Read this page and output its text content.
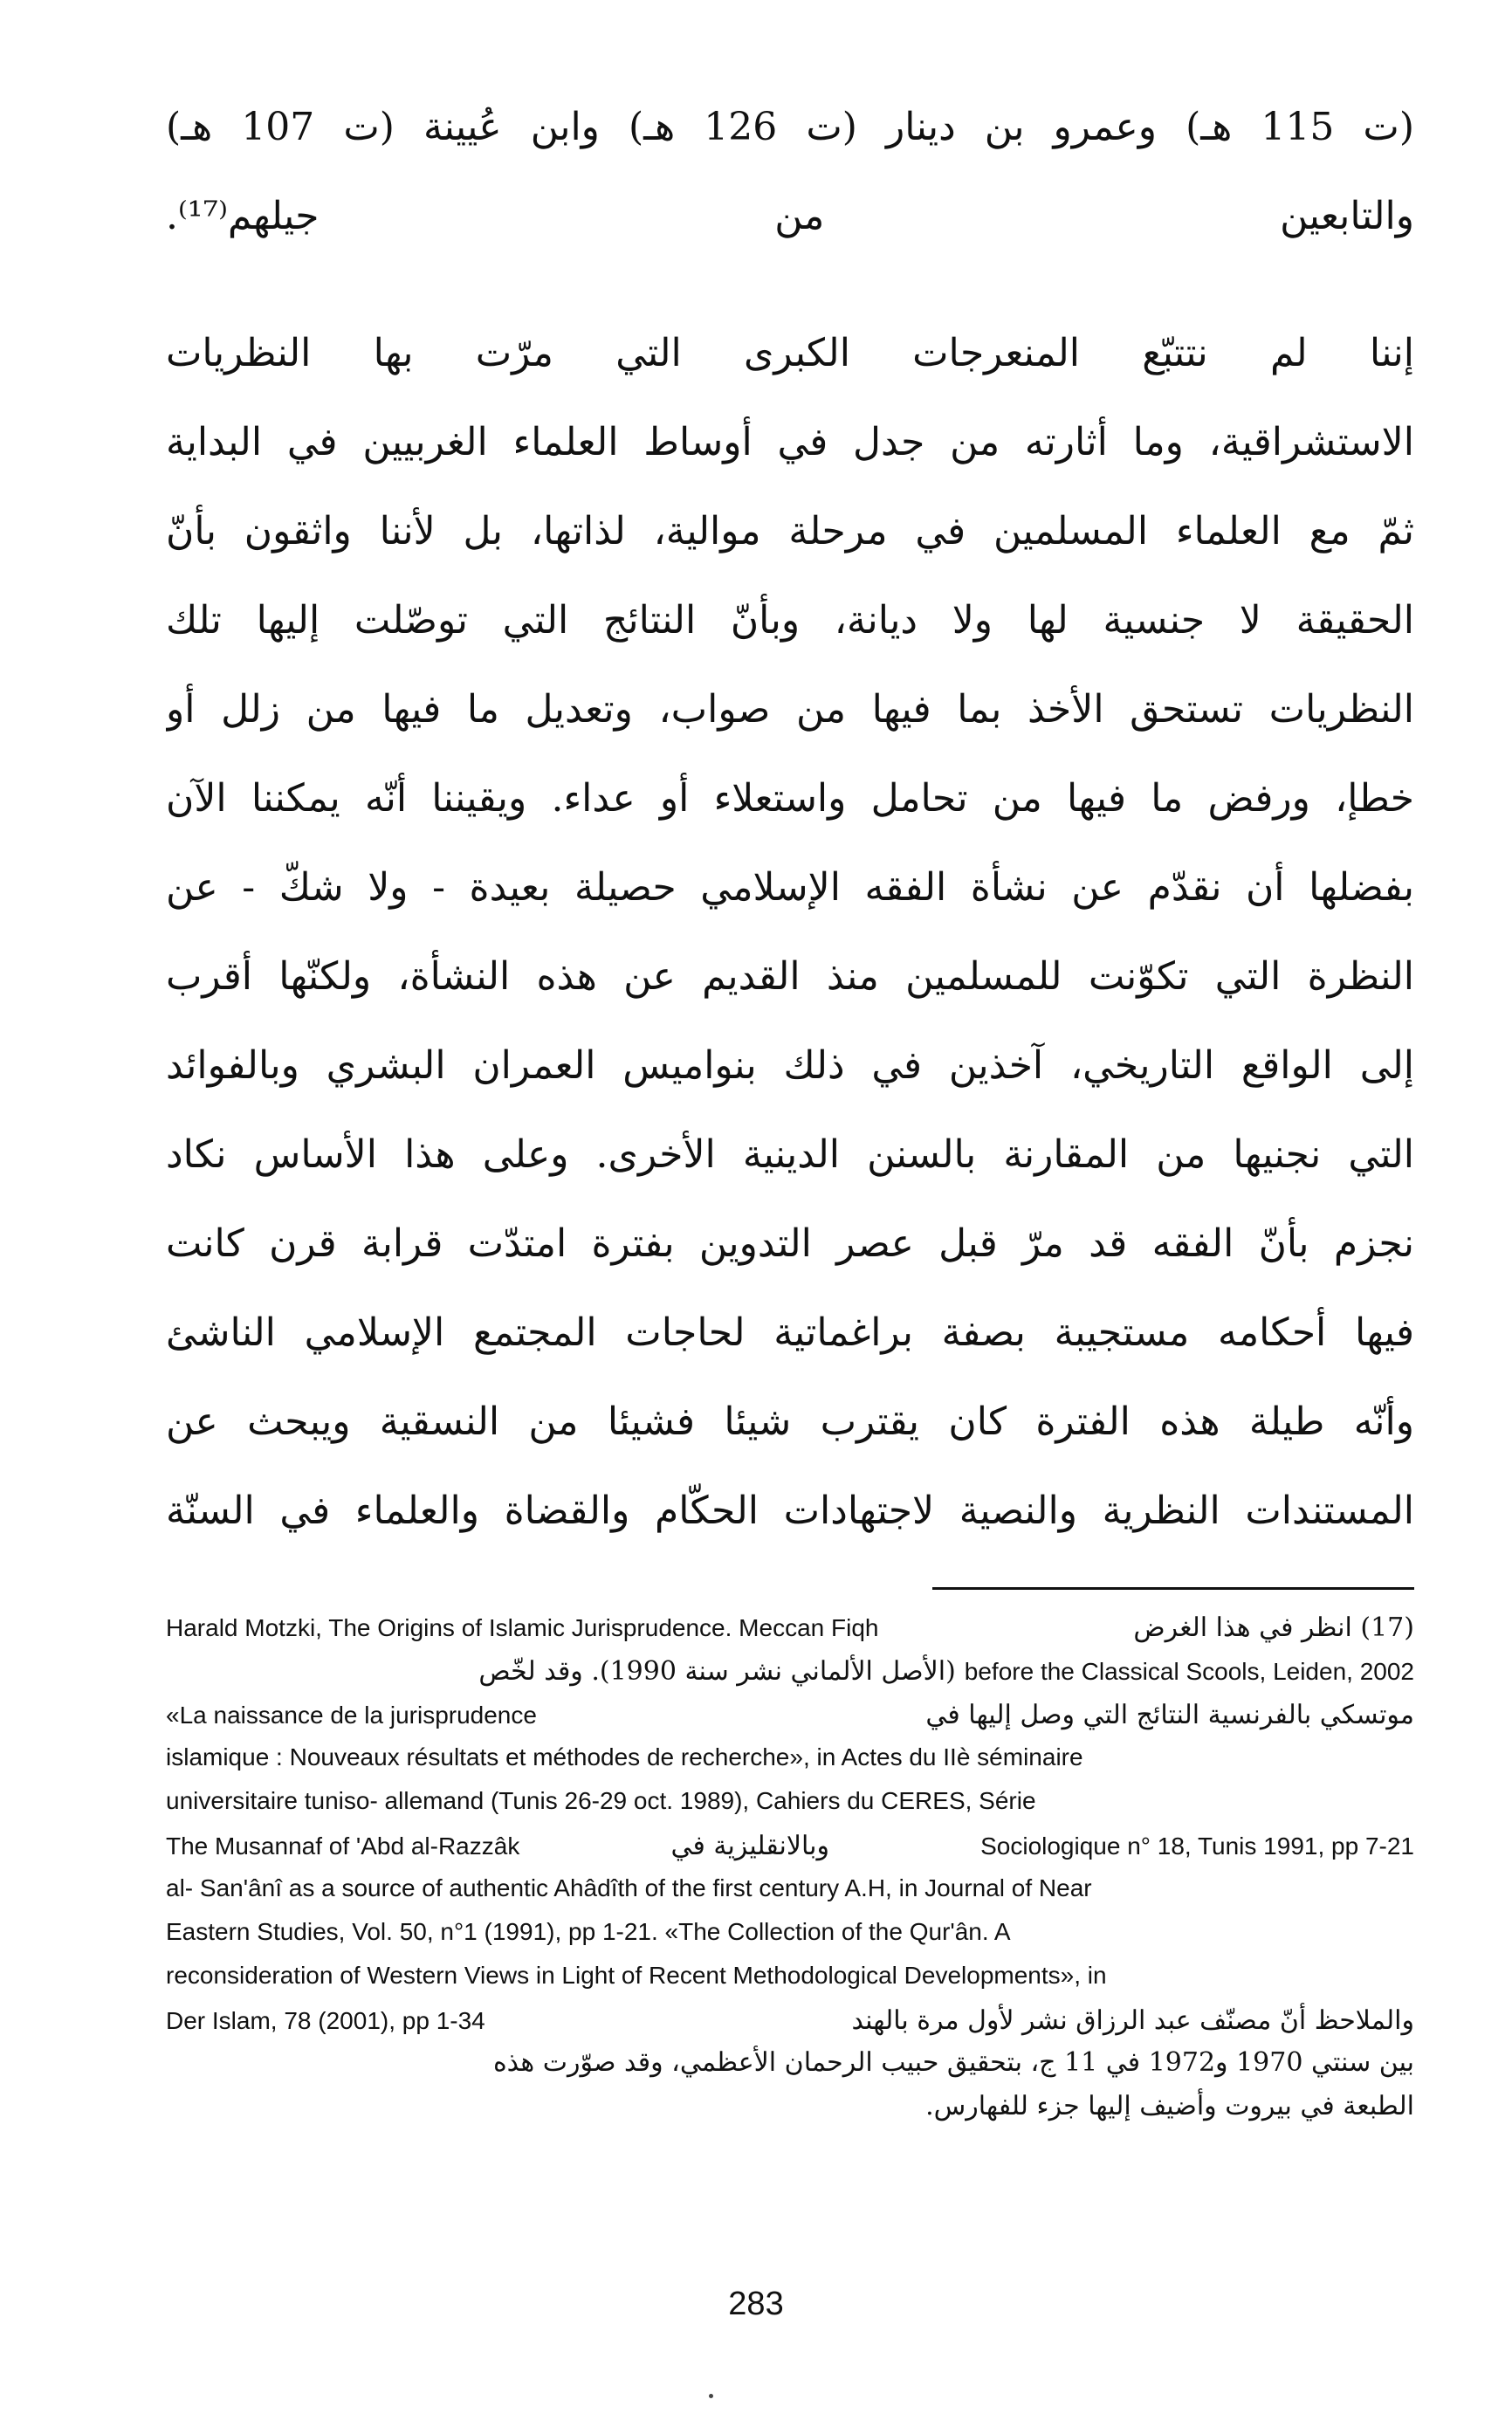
(ت 115 هـ) وعمرو بن دينار (ت 126 هـ) وابن عُيينة (ت 107 هـ)
والتابعين من جيلهم⁽¹⁷⁾.
إننا لم نتتبّع المنعرجات الكبرى التي مرّت بها النظريات
الاستشراقية، وما أثارته من جدل في أوساط العلماء الغربيين في البداية
ثمّ مع العلماء المسلمين في مرحلة موالية، لذاتها، بل لأننا واثقون بأنّ
الحقيقة لا جنسية لها ولا ديانة، وبأنّ النتائج التي توصّلت إليها تلك
النظريات تستحق الأخذ بما فيها من صواب، وتعديل ما فيها من زلل أو
خطإ، ورفض ما فيها من تحامل واستعلاء أو عداء. ويقيننا أنّه يمكننا الآن
بفضلها أن نقدّم عن نشأة الفقه الإسلامي حصيلة بعيدة - ولا شكّ - عن
النظرة التي تكوّنت للمسلمين منذ القديم عن هذه النشأة، ولكنّها أقرب
إلى الواقع التاريخي، آخذين في ذلك بنواميس العمران البشري وبالفوائد
التي نجنيها من المقارنة بالسنن الدينية الأخرى. وعلى هذا الأساس نكاد
نجزم بأنّ الفقه قد مرّ قبل عصر التدوين بفترة امتدّت قرابة قرن كانت
فيها أحكامه مستجيبة بصفة براغماتية لحاجات المجتمع الإسلامي الناشئ
وأنّه طيلة هذه الفترة كان يقترب شيئا فشيئا من النسقية ويبحث عن
المستندات النظرية والنصية لاجتهادات الحكّام والقضاة والعلماء في السنّة
Harald Motzki, The Origins of Islamic Jurisprudence. Meccan Fiqh	(17) انظر في هذا الغرض
(الأصل الألماني نشر سنة 1990). وقد لخّص before the Classical Scools, Leiden, 2002
«La naissance de la jurisprudence	موتسكي بالفرنسية النتائج التي وصل إليها في
islamique : Nouveaux résultats et méthodes de recherche», in Actes du IIè séminaire
universitaire tuniso- allemand (Tunis 26-29 oct. 1989), Cahiers du CERES, Série
The Musannaf of 'Abd al-Razzâk	وبالانقليزية في	Sociologique n° 18, Tunis 1991, pp 7-21
al- San'ânî as a source of authentic Ahâdîth of the first century A.H, in Journal of Near
Eastern Studies, Vol. 50, n°1 (1991), pp 1-21. «The Collection of the Qur'ân. A
reconsideration of Western Views in Light of Recent Methodological Developments», in
Der Islam, 78 (2001), pp 1-34	والملاحظ أنّ مصنّف عبد الرزاق نشر لأول مرة بالهند
بين سنتي 1970 و1972 في 11 ج، بتحقيق حبيب الرحمان الأعظمي، وقد صوّرت هذه
الطبعة في بيروت وأضيف إليها جزء للفهارس.
283
